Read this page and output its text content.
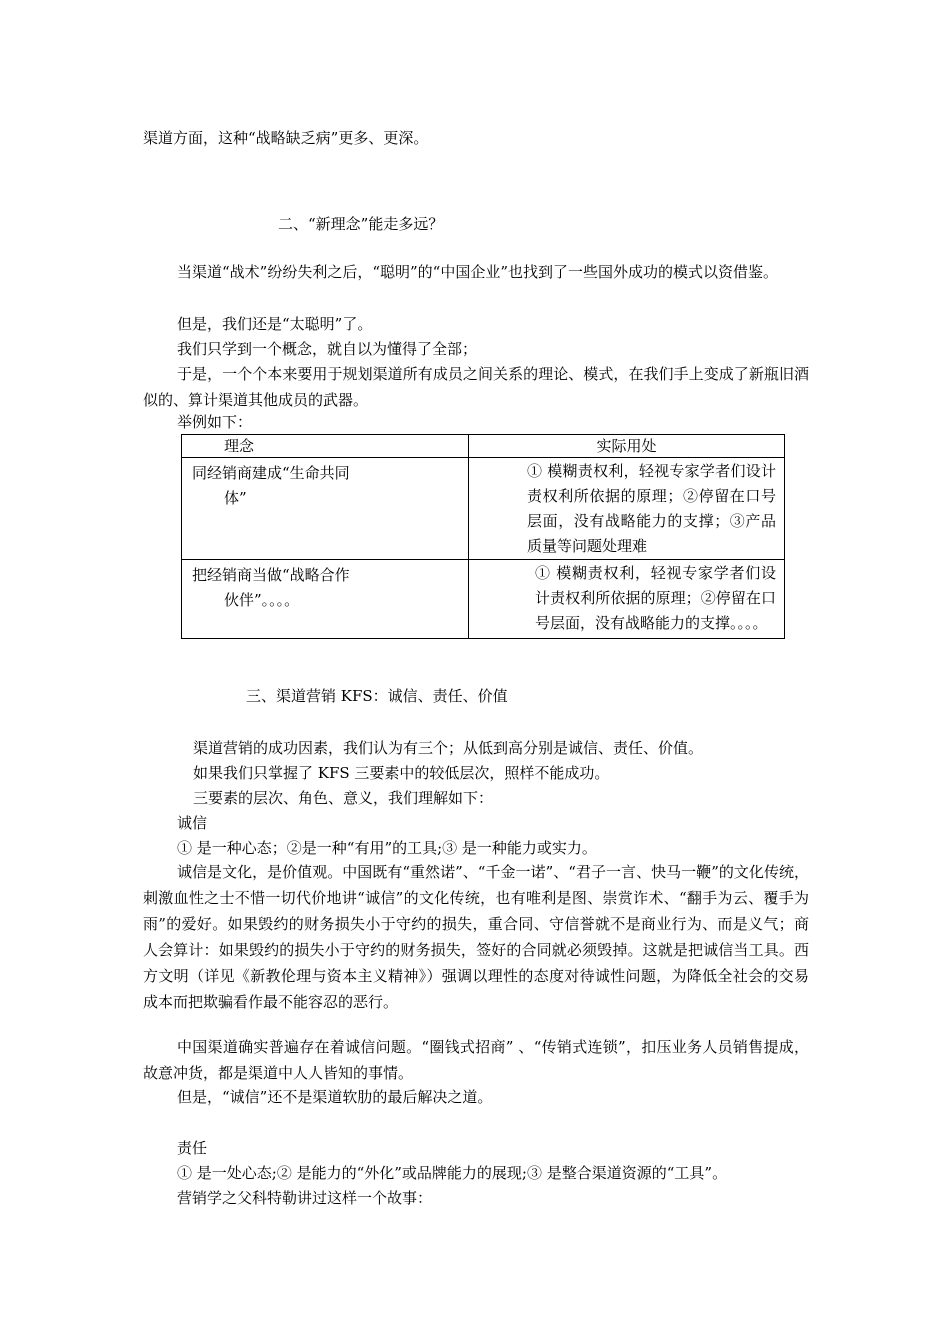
渠道方面，这种“战略缺乏病”更多、更深。
二、“新理念”能走多远？
当渠道“战术”纷纷失利之后，“聪明”的“中国企业”也找到了一些国外成功的模式以资借鉴。
但是，我们还是“太聪明”了。
我们只学到一个概念，就自以为懂得了全部；
于是，一个个本来要用于规划渠道所有成员之间关系的理论、模式，在我们手上变成了新瓶旧酒似的、算计渠道其他成员的武器。
举例如下：
理念	实际用处
同经销商建成“生命共同
体”	① 模糊责权利，轻视专家学者们设计责权利所依据的原理；②停留在口号层面，没有战略能力的支撑；③产品质量等问题处理难
把经销商当做“战略合作
伙伴”。。。。	① 模糊责权利，轻视专家学者们设计责权利所依据的原理；②停留在口号层面，没有战略能力的支撑。。。。
三、渠道营销 KFS：诚信、责任、价值
渠道营销的成功因素，我们认为有三个；从低到高分别是诚信、责任、价值。
如果我们只掌握了 KFS 三要素中的较低层次，照样不能成功。
三要素的层次、角色、意义，我们理解如下：
诚信
① 是一种心态；②是一种“有用”的工具;③ 是一种能力或实力。
诚信是文化，是价值观。中国既有“重然诺”、“千金一诺”、“君子一言、快马一鞭”的文化传统，刺激血性之士不惜一切代价地讲“诚信”的文化传统，也有唯利是图、崇赏诈术、“翻手为云、覆手为雨”的爱好。如果毁约的财务损失小于守约的损失，重合同、守信誉就不是商业行为、而是义气；商人会算计：如果毁约的损失小于守约的财务损失，签好的合同就必须毁掉。这就是把诚信当工具。西方文明（详见《新教伦理与资本主义精神》）强调以理性的态度对待诚性问题，为降低全社会的交易成本而把欺骗看作最不能容忍的恶行。
中国渠道确实普遍存在着诚信问题。“圈钱式招商” 、“传销式连锁”，扣压业务人员销售提成，故意冲货，都是渠道中人人皆知的事情。
但是，“诚信”还不是渠道软肋的最后解决之道。
责任
① 是一处心态;② 是能力的“外化”或品牌能力的展现;③ 是整合渠道资源的“工具”。
营销学之父科特勒讲过这样一个故事：
